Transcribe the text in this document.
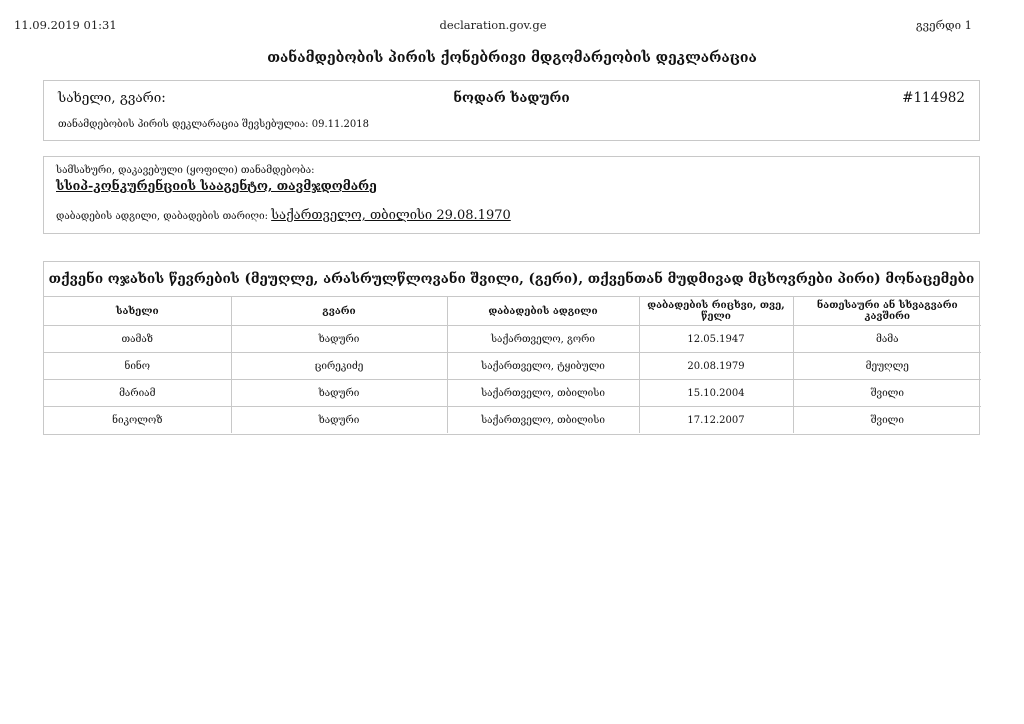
11.09.2019 01:31	declaration.gov.ge	გვერდი 1
თანამდებობის პირის ქონებრივი მდგომარეობის დეკლარაცია
სახელი, გვარი:	ნოდარ ხადური	#114982
თანამდებობის პირის დეკლარაცია შევსებულია: 09.11.2018
სამსახური, დაკავებული (ყოფილი) თანამდებობა:
სსიპ-კონკურენციის სააგენტო, თავმჯდომარე
დაბადების ადგილი, დაბადების თარიღი: საქართველო, თბილისი 29.08.1970
თქვენი ოჯახის წევრების (მეუღლე, არასრულწლოვანი შვილი, (გერი), თქვენთან მუდმივად მცხოვრები პირი) მონაცემები
სახელი	გვარი	დაბადების ადგილი	დაბადების რიცხვი, თვე, წელი	ნათესაური ან სხვაგვარი კავშირი
თამაზ	ხადური	საქართველო, გორი	12.05.1947	მამა
ნინო	ცირეკიძე	საქართველო, ტყიბული	20.08.1979	მეუღლე
მარიამ	ხადური	საქართველო, თბილისი	15.10.2004	შვილი
ნიკოლოზ	ხადური	საქართველო, თბილისი	17.12.2007	შვილი
